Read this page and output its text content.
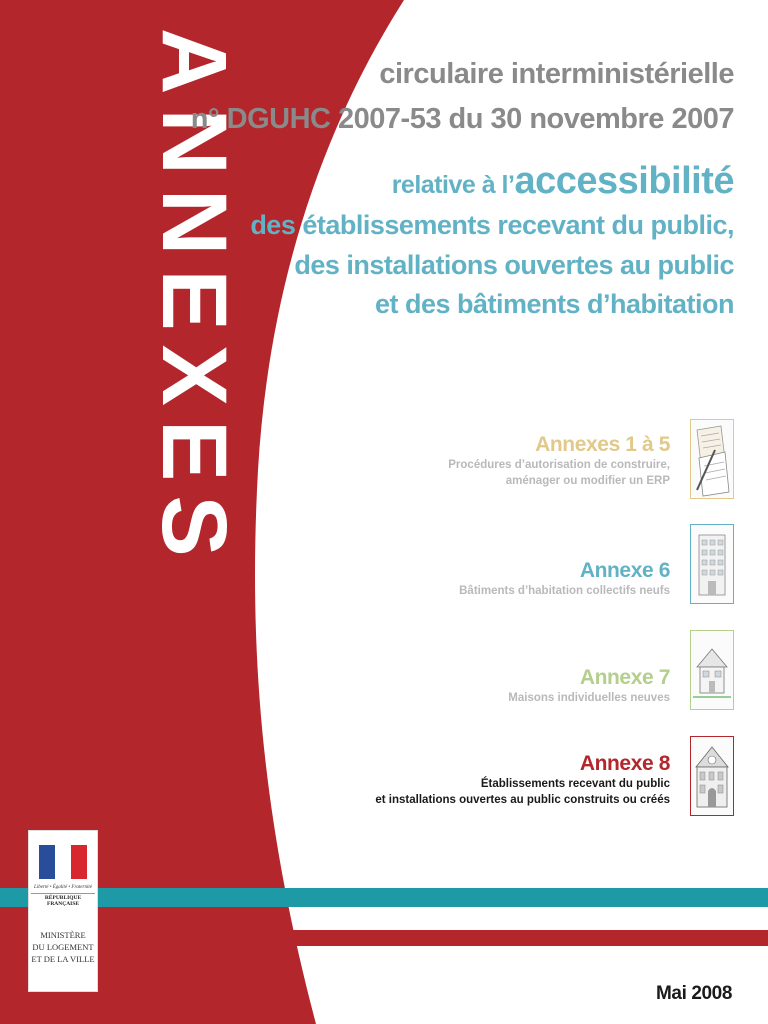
ANNEXES	circulaire interministérielle
n° DGUHC 2007-53 du 30 novembre 2007
relative à l’accessibilité
des établissements recevant du public,
des installations ouvertes au public
et des bâtiments d’habitation
Annexes 1 à 5
Procédures d’autorisation de construire,
aménager ou modifier un ERP
Annexe 6
Bâtiments d’habitation collectifs neufs
Annexe 7
Maisons individuelles neuves
Annexe 8
Établissements recevant du public
et installations ouvertes au public construits ou créés
Liberté • Égalité • Fraternité
RÉPUBLIQUE FRANÇAISE
MINISTÈRE
DU LOGEMENT
ET DE LA VILLE
Mai 2008
